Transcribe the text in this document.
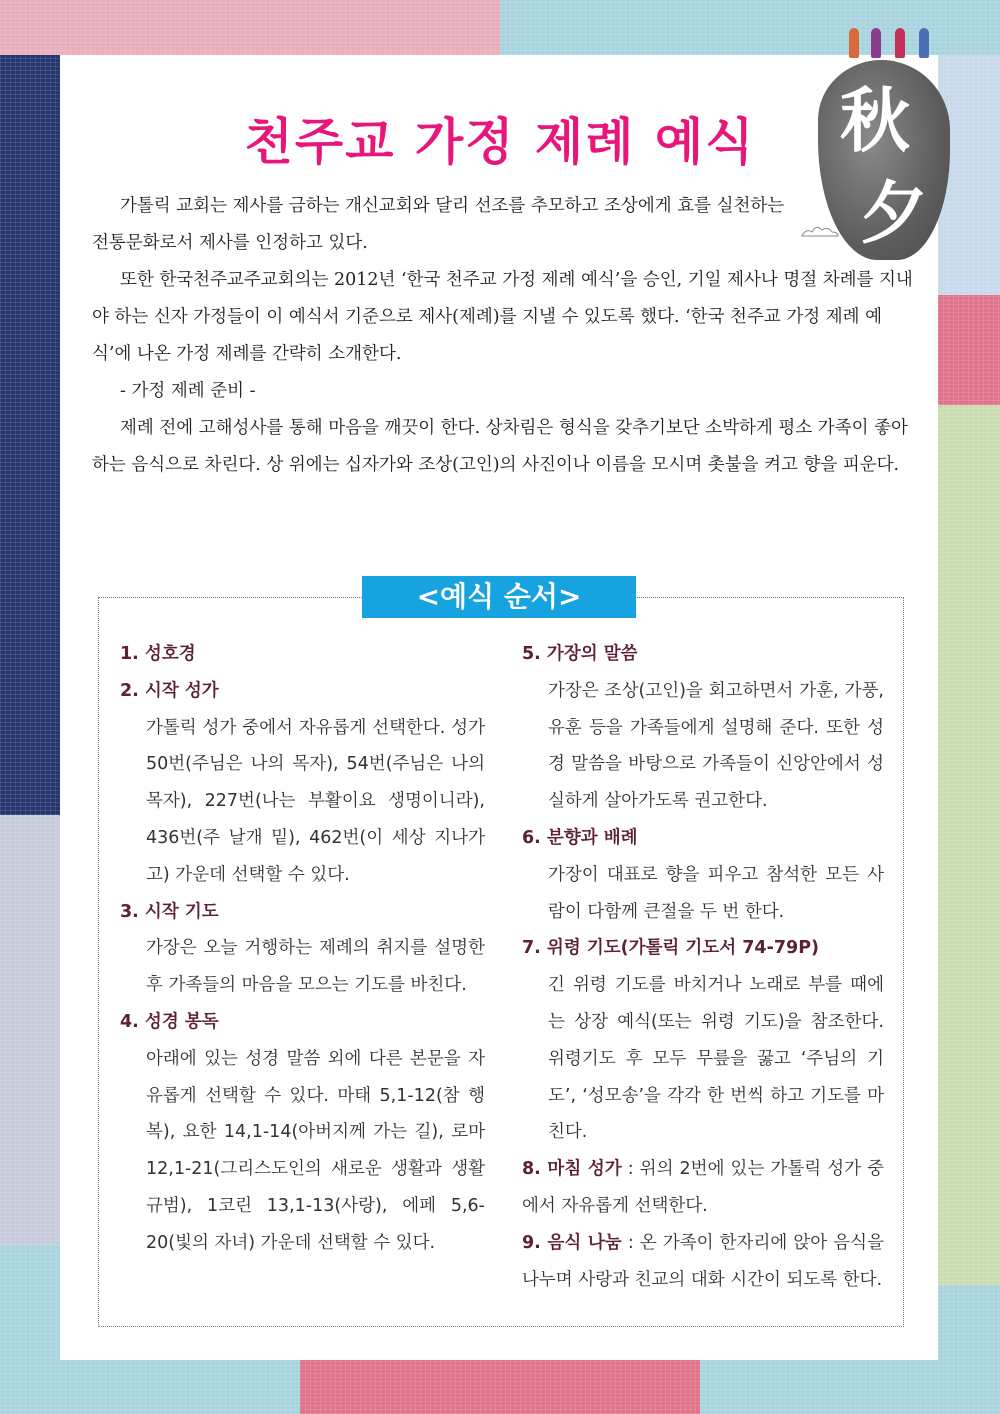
秋
夕
천주교 가정 제례 예식

가톨릭 교회는 제사를 금하는 개신교회와 달리 선조를 추모하고 조상에게 효를 실천하는 전통문화로서 제사를 인정하고 있다.

또한 한국천주교주교회의는 2012년 ‘한국 천주교 가정 제례 예식’을 승인, 기일 제사나 명절 차례를 지내야 하는 신자 가정들이 이 예식서 기준으로 제사(제례)를 지낼 수 있도록 했다. ‘한국 천주교 가정 제례 예식’에 나온 가정 제례를 간략히 소개한다.

- 가정 제례 준비 -

제례 전에 고해성사를 통해 마음을 깨끗이 한다. 상차림은 형식을 갖추기보단 소박하게 평소 가족이 좋아하는 음식으로 차린다. 상 위에는 십자가와 조상(고인)의 사진이나 이름을 모시며 촛불을 켜고 향을 피운다.

<예식 순서>
1. 성호경
2. 시작 성가
가톨릭 성가 중에서 자유롭게 선택한다. 성가 50번(주님은 나의 목자), 54번(주님은 나의 목자), 227번(나는 부활이요 생명이니라), 436번(주 날개 밑), 462번(이 세상 지나가고) 가운데 선택할 수 있다.
3. 시작 기도
가장은 오늘 거행하는 제례의 취지를 설명한 후 가족들의 마음을 모으는 기도를 바친다.
4. 성경 봉독
아래에 있는 성경 말씀 외에 다른 본문을 자유롭게 선택할 수 있다. 마태 5,1-12(참 행복), 요한 14,1-14(아버지께 가는 길), 로마 12,1-21(그리스도인의 새로운 생활과 생활 규범), 1코린 13,1-13(사랑), 에페 5,6-20(빛의 자녀) 가운데 선택할 수 있다.
5. 가장의 말씀
가장은 조상(고인)을 회고하면서 가훈, 가풍, 유훈 등을 가족들에게 설명해 준다. 또한 성경 말씀을 바탕으로 가족들이 신앙안에서 성실하게 살아가도록 권고한다.
6. 분향과 배례
가장이 대표로 향을 피우고 참석한 모든 사람이 다함께 큰절을 두 번 한다.
7. 위령 기도(가톨릭 기도서 74-79P)
긴 위령 기도를 바치거나 노래로 부를 때에는 상장 예식(또는 위령 기도)을 참조한다. 위령기도 후 모두 무릎을 꿇고 ‘주님의 기도’, ‘성모송’을 각각 한 번씩 하고 기도를 마친다.
8. 마침 성가 : 위의 2번에 있는 가톨릭 성가 중에서 자유롭게 선택한다.
9. 음식 나눔 : 온 가족이 한자리에 앉아 음식을 나누며 사랑과 친교의 대화 시간이 되도록 한다.
